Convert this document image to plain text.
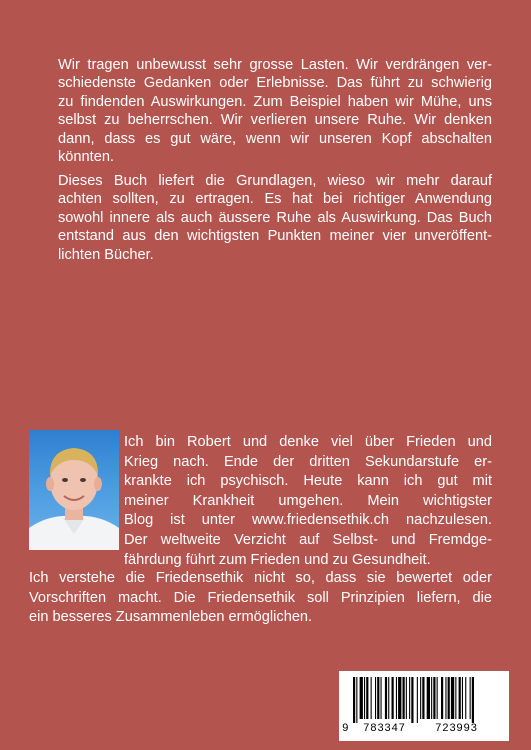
Wir tragen unbewusst sehr grosse Lasten. Wir verdrängen ver-
schiedenste Gedanken oder Erlebnisse. Das führt zu schwierig
zu findenden Auswirkungen. Zum Beispiel haben wir Mühe, uns
selbst zu beherrschen. Wir verlieren unsere Ruhe. Wir denken
dann, dass es gut wäre, wenn wir unseren Kopf abschalten
könnten.
Dieses Buch liefert die Grundlagen, wieso wir mehr darauf
achten sollten, zu ertragen. Es hat bei richtiger Anwendung
sowohl innere als auch äussere Ruhe als Auswirkung. Das Buch
entstand aus den wichtigsten Punkten meiner vier unveröffent-
lichten Bücher.
Ich bin Robert und denke viel über Frieden und
Krieg nach. Ende der dritten Sekundarstufe er-
krankte ich psychisch. Heute kann ich gut mit
meiner Krankheit umgehen. Mein wichtigster
Blog ist unter www.friedensethik.ch nachzulesen.
Der weltweite Verzicht auf Selbst- und Fremdge-
fährdung führt zum Frieden und zu Gesundheit.
Ich verstehe die Friedensethik nicht so, dass sie bewertet oder
Vorschriften macht. Die Friedensethik soll Prinzipien liefern, die
ein besseres Zusammenleben ermöglichen.
9 783347	723993
